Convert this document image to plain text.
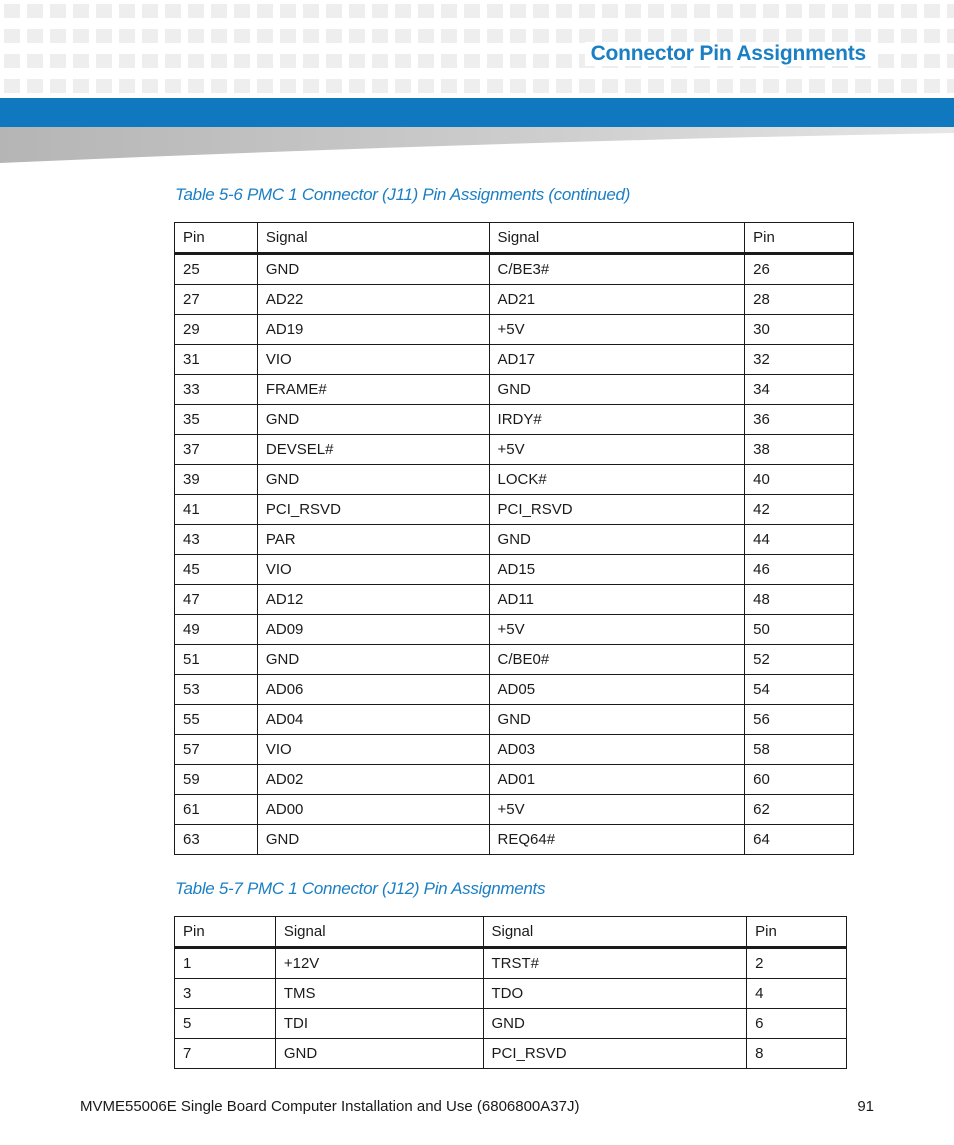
Connector Pin Assignments
Table 5-6 PMC 1 Connector (J11) Pin Assignments (continued)
Pin	Signal	Signal	Pin
25	GND	C/BE3#	26
27	AD22	AD21	28
29	AD19	+5V	30
31	VIO	AD17	32
33	FRAME#	GND	34
35	GND	IRDY#	36
37	DEVSEL#	+5V	38
39	GND	LOCK#	40
41	PCI_RSVD	PCI_RSVD	42
43	PAR	GND	44
45	VIO	AD15	46
47	AD12	AD11	48
49	AD09	+5V	50
51	GND	C/BE0#	52
53	AD06	AD05	54
55	AD04	GND	56
57	VIO	AD03	58
59	AD02	AD01	60
61	AD00	+5V	62
63	GND	REQ64#	64
Table 5-7 PMC 1 Connector (J12) Pin Assignments
Pin	Signal	Signal	Pin
1	+12V	TRST#	2
3	TMS	TDO	4
5	TDI	GND	6
7	GND	PCI_RSVD	8
MVME55006E Single Board Computer Installation and Use (6806800A37J)	91
